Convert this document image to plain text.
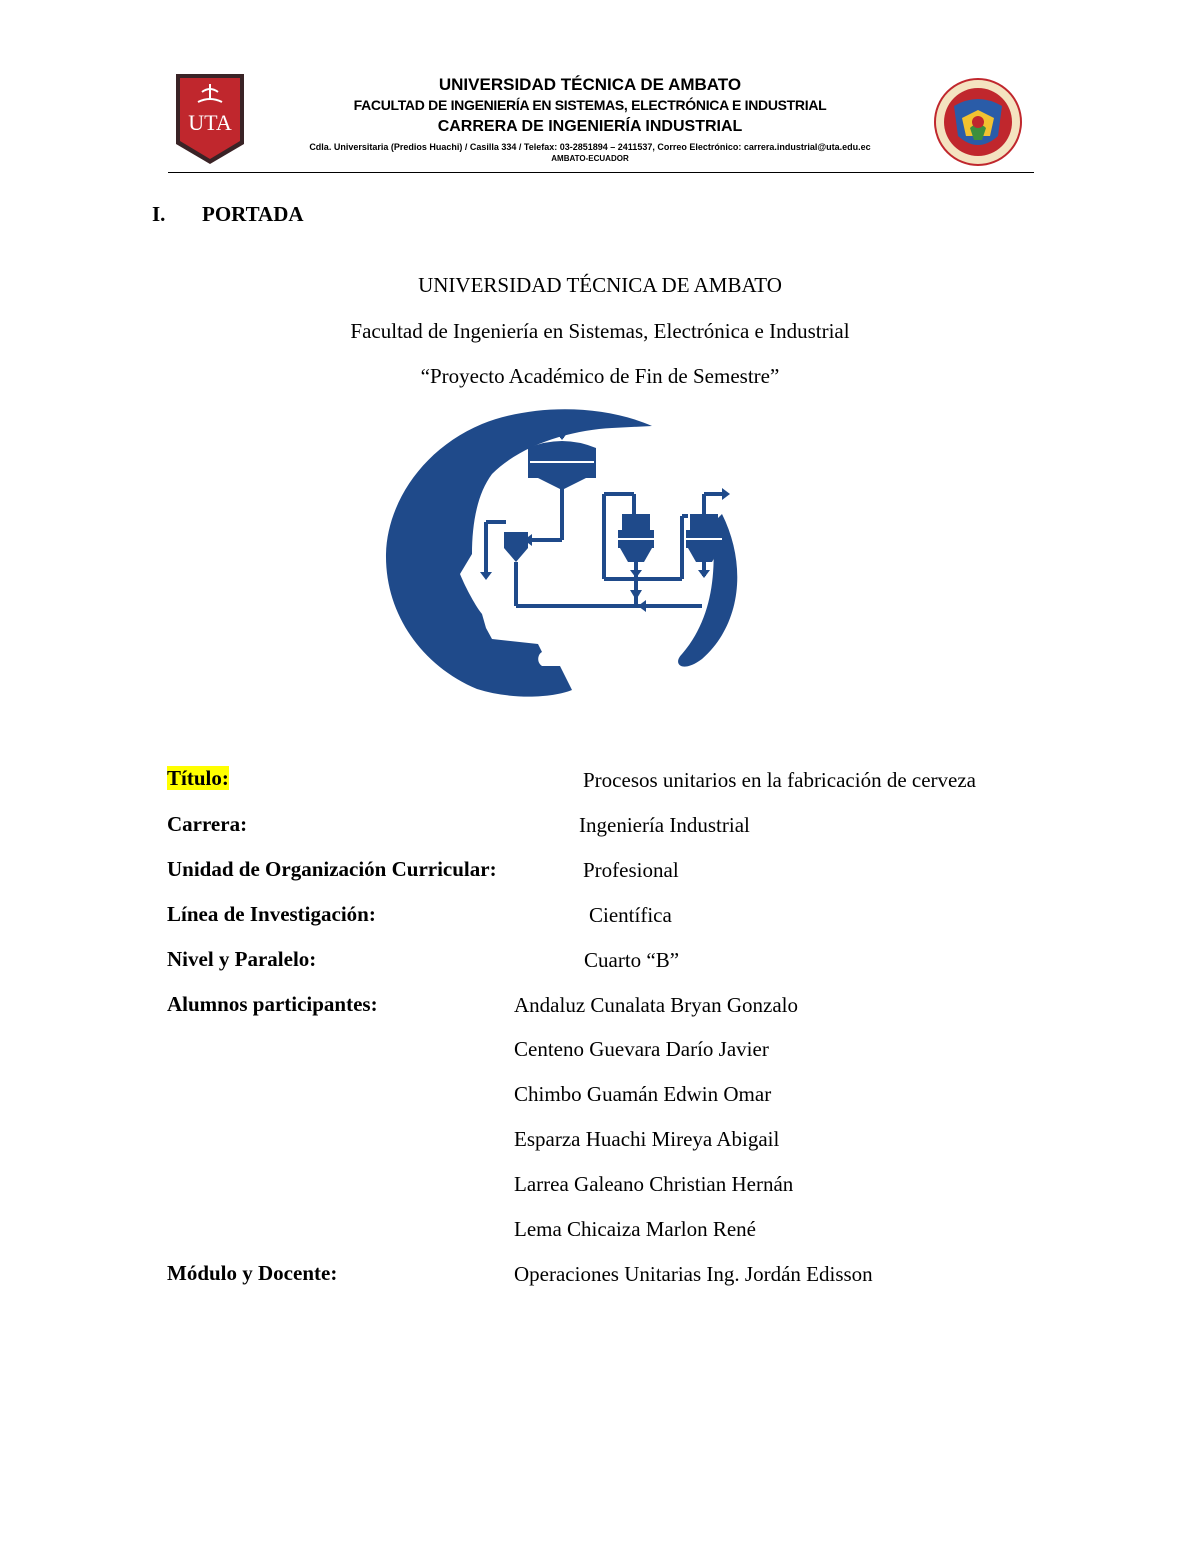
UTA
UNIVERSIDAD TÉCNICA DE AMBATO
FACULTAD DE INGENIERÍA EN SISTEMAS, ELECTRÓNICA E INDUSTRIAL
CARRERA DE INGENIERÍA INDUSTRIAL
Cdla. Universitaria (Predios Huachi) / Casilla 334 / Telefax: 03-2851894 – 2411537, Correo Electrónico: carrera.industrial@uta.edu.ec
AMBATO-ECUADOR
I.	PORTADA
UNIVERSIDAD TÉCNICA DE AMBATO
Facultad de Ingeniería en Sistemas, Electrónica e Industrial
“Proyecto Académico de Fin de Semestre”
Título:	Procesos unitarios en la fabricación de cerveza
Carrera:	Ingeniería Industrial
Unidad de Organización Curricular:	Profesional
Línea de Investigación:	Científica
Nivel y Paralelo:	Cuarto “B”
Alumnos participantes:	Andaluz Cunalata Bryan Gonzalo
Centeno Guevara Darío Javier
Chimbo Guamán Edwin Omar
Esparza Huachi Mireya Abigail
Larrea Galeano Christian Hernán
Lema Chicaiza Marlon René
Módulo y Docente:	Operaciones Unitarias Ing. Jordán Edisson
